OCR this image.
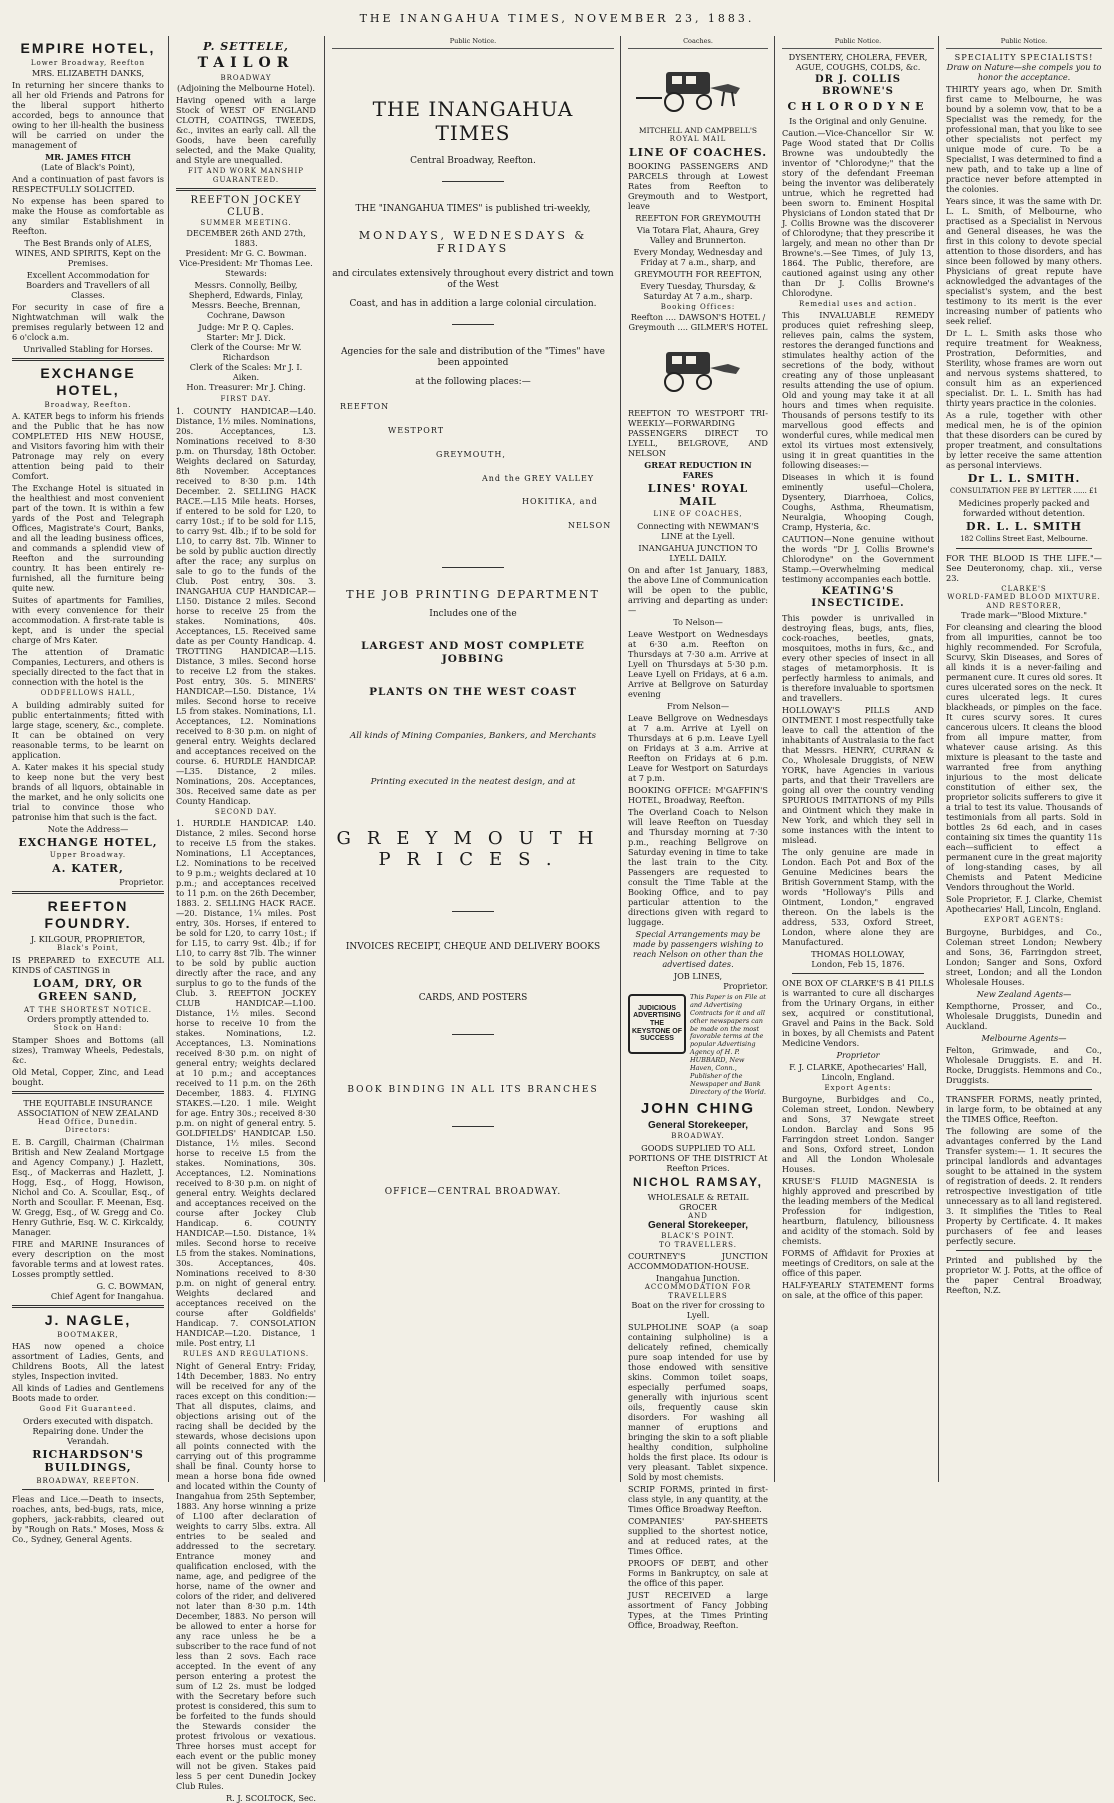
THE INANGAHUA TIMES, NOVEMBER 23, 1883.
EMPIRE HOTEL,
Lower Broadway, Reefton
MRS. ELIZABETH DANKS,

In returning her sincere thanks to all her old Friends and Patrons for the liberal support hitherto accorded, begs to announce that owing to her ill-health the business will be carried on under the management of

MR. JAMES FITCH
(Late of Black's Point),

And a continuation of past favors is RESPECTFULLY SOLICITED.

No expense has been spared to make the House as comfortable as any similar Establishment in Reefton.

The Best Brands only of ALES, WINES, AND SPIRITS, Kept on the Premises.

Excellent Accommodation for Boarders and Travellers of all Classes.

For security in case of fire a Nightwatchman will walk the premises regularly between 12 and 6 o'clock a.m.

Unrivalled Stabling for Horses.

EXCHANGE HOTEL,
Broadway, Reefton.

A. KATER begs to inform his friends and the Public that he has now COMPLETED HIS NEW HOUSE, and Visitors favoring him with their Patronage may rely on every attention being paid to their Comfort.

The Exchange Hotel is situated in the healthiest and most convenient part of the town. It is within a few yards of the Post and Telegraph Offices, Magistrate's Court, Banks, and all the leading business offices, and commands a splendid view of Reefton and the surrounding country. It has been entirely re-furnished, all the furniture being quite new.

Suites of apartments for Families, with every convenience for their accommodation. A first-rate table is kept, and is under the special charge of Mrs Kater.

The attention of Dramatic Companies, Lecturers, and others is specially directed to the fact that in connection with the hotel is the

ODDFELLOWS HALL,

A building admirably suited for public entertainments; fitted with large stage, scenery, &c., complete. It can be obtained on very reasonable terms, to be learnt on application.

A. Kater makes it his special study to keep none but the very best brands of all liquors, obtainable in the market, and he only solicits one trial to convince those who patronise him that such is the fact.

Note the Address—
EXCHANGE HOTEL,
Upper Broadway.
A. KATER,
Proprietor.
REEFTON FOUNDRY.
J. KILGOUR, PROPRIETOR,
Black's Point,

IS PREPARED to EXECUTE ALL KINDS of CASTINGS in

LOAM, DRY, OR GREEN SAND,
AT THE SHORTEST NOTICE.
Orders promptly attended to.
Stock on Hand:

Stamper Shoes and Bottoms (all sizes), Tramway Wheels, Pedestals, &c.

Old Metal, Copper, Zinc, and Lead bought.

THE EQUITABLE INSURANCE ASSOCIATION of NEW ZEALAND
Head Office, Dunedin.
Directors:

E. B. Cargill, Chairman (Chairman British and New Zealand Mortgage and Agency Company.) J. Hazlett, Esq., of Mackerras and Hazlett, J. Hogg, Esq., of Hogg, Howison, Nichol and Co. A. Scoullar, Esq., of North and Scoullar. F. Meenan, Esq. W. Gregg, Esq., of W. Gregg and Co. Henry Guthrie, Esq. W. C. Kirkcaldy, Manager.

FIRE and MARINE Insurances of every description on the most favorable terms and at lowest rates. Losses promptly settled.

G. C. BOWMAN,
Chief Agent for Inangahua.
J. NAGLE,
BOOTMAKER,

HAS now opened a choice assortment of Ladies, Gents, and Childrens Boots, All the latest styles, Inspection invited.

All kinds of Ladies and Gentlemens Boots made to order.

Good Fit Guaranteed.

Orders executed with dispatch. Repairing done. Under the Verandah.

RICHARDSON'S BUILDINGS,
BROADWAY, REEFTON.

Fleas and Lice.—Death to insects, roaches, ants, bed-bugs, rats, mice, gophers, jack-rabbits, cleared out by "Rough on Rats." Moses, Moss & Co., Sydney, General Agents.

P. SETTELE,
TAILOR
BROADWAY
(Adjoining the Melbourne Hotel).

Having opened with a large Stock of WEST OF ENGLAND CLOTH, COATINGS, TWEEDS, &c., invites an early call. All the Goods, have been carefully selected, and the Make Quality, and Style are unequalled.

FIT AND WORK MANSHIP GUARANTEED.
REEFTON JOCKEY CLUB.
SUMMER MEETING.
DECEMBER 26th AND 27th, 1883.
President: Mr G. C. Bowman.
Vice-President: Mr Thomas Lee.
Stewards:

Messrs. Connolly, Beilby, Shepherd, Edwards, Finlay, Messrs. Beeche, Brennan, Cochrane, Dawson

Judge: Mr P. Q. Caples.
Starter: Mr J. Dick.
Clerk of the Course: Mr W. Richardson
Clerk of the Scales: Mr J. I. Aiken.
Hon. Treasurer: Mr J. Ching.
FIRST DAY.

1. COUNTY HANDICAP.—L40. Distance, 1½ miles. Nominations, 20s. Acceptances, L3. Nominations received to 8·30 p.m. on Thursday, 18th October. Weights declared on Saturday, 8th November. Acceptances received to 8·30 p.m. 14th December. 2. SELLING HACK RACE.—L15 Mile heats. Horses, if entered to be sold for L20, to carry 10st.; if to be sold for L15, to carry 9st. 4lb.; if to be sold for L10, to carry 8st. 7lb. Winner to be sold by public auction directly after the race; any surplus on sale to go to the funds of the Club. Post entry, 30s. 3. INANGAHUA CUP HANDICAP.—L150. Distance 2 miles. Second horse to receive 25 from the stakes. Nominations, 40s. Acceptances, L5. Received same date as per County Handicap. 4. TROTTING HANDICAP.—L15. Distance, 3 miles. Second horse to receive L2 from the stakes. Post entry, 30s. 5. MINERS' HANDICAP.—L50. Distance, 1¼ miles. Second horse to receive L5 from stakes. Nominations, L1. Acceptances, L2. Nominations received to 8·30 p.m. on night of general entry. Weights declared and acceptances received on the course. 6. HURDLE HANDICAP.—L35. Distance, 2 miles. Nominations, 20s. Acceptances, 30s. Received same date as per County Handicap.

SECOND DAY.

1. HURDLE HANDICAP. L40. Distance, 2 miles. Second horse to receive L5 from the stakes. Nominations, L1 Acceptances, L2. Nominations to be received to 9 p.m.; weights declared at 10 p.m.; and acceptances received to 11 p.m. on the 26th December, 1883. 2. SELLING HACK RACE.—20. Distance, 1¼ miles. Post entry, 30s. Horses, if entered to be sold for L20, to carry 10st.; if for L15, to carry 9st. 4lb.; if for L10, to carry 8st 7lb. The winner to be sold by public auction directly after the race, and any surplus to go to the funds of the Club. 3. REEFTON JOCKEY CLUB HANDICAP.—L100. Distance, 1½ miles. Second horse to receive 10 from the stakes. Nominations, L2. Acceptances, L3. Nominations received 8·30 p.m. on night of general entry; weights declared at 10 p.m.; and acceptances received to 11 p.m. on the 26th December, 1883. 4. FLYING STAKES.—L20. 1 mile. Weight for age. Entry 30s.; received 8·30 p.m. on night of general entry. 5. GOLDFIELDS' HANDICAP. L50. Distance, 1½ miles. Second horse to receive L5 from the stakes. Nominations, 30s. Acceptances, L2. Nominations received to 8·30 p.m. on night of general entry. Weights declared and acceptances received on the course after Jockey Club Handicap. 6. COUNTY HANDICAP.—L50. Distance, 1¾ miles. Second horse to receive L5 from the stakes. Nominations, 30s. Acceptances, 40s. Nominations received to 8·30 p.m. on night of general entry. Weights declared and acceptances received on the course after Goldfields' Handicap. 7. CONSOLATION HANDICAP.—L20. Distance, 1 mile. Post entry, L1

RULES AND REGULATIONS.

Night of General Entry: Friday, 14th December, 1883. No entry will be received for any of the races except on this condition:—That all disputes, claims, and objections arising out of the racing shall be decided by the stewards, whose decisions upon all points connected with the carrying out of this programme shall be final. County horse to mean a horse bona fide owned and located within the County of Inangahua from 25th September, 1883. Any horse winning a prize of L100 after declaration of weights to carry 5lbs. extra. All entries to be sealed and addressed to the secretary. Entrance money and qualification enclosed, with the name, age, and pedigree of the horse, name of the owner and colors of the rider, and delivered not later than 8·30 p.m. 14th December, 1883. No person will be allowed to enter a horse for any race unless he be a subscriber to the race fund of not less than 2 sovs. Each race accepted. In the event of any person entering a protest the sum of L2 2s. must be lodged with the Secretary before such protest is considered, this sum to be forfeited to the funds should the Stewards consider the protest frivolous or vexatious. Three horses must accept for each event or the public money will not be given. Stakes paid less 5 per cent Dunedin Jockey Club Rules.

R. J. SCOLTOCK, Sec.
Public Notice.
THE INANGAHUA TIMES
Central Broadway, Reefton.
THE "INANGAHUA TIMES" is published tri-weekly,
MONDAYS, WEDNESDAYS & FRIDAYS
and circulates extensively throughout every district and town of the West
Coast, and has in addition a large colonial circulation.
Agencies for the sale and distribution of the "Times" have been appointed
at the following places:—
REEFTON
WESTPORT
GREYMOUTH,
And the GREY VALLEY
HOKITIKA, and
NELSON
THE JOB PRINTING DEPARTMENT
Includes one of the
LARGEST AND MOST COMPLETE JOBBING
PLANTS ON THE WEST COAST
All kinds of Mining Companies, Bankers, and Merchants
Printing executed in the neatest design, and at
GREYMOUTH PRICES.
INVOICES RECEIPT, CHEQUE AND DELIVERY BOOKS
CARDS, AND POSTERS
BOOK BINDING IN ALL ITS BRANCHES
OFFICE—CENTRAL BROADWAY.
Coaches.
MITCHELL AND CAMPBELL'S
ROYAL MAIL
LINE OF COACHES.

BOOKING PASSENGERS AND PARCELS through at Lowest Rates from Reefton to Greymouth and to Westport, leave

REEFTON FOR GREYMOUTH

Via Totara Flat, Ahaura, Grey Valley and Brunnerton.

Every Monday, Wednesday and Friday at 7 a.m., sharp, and

GREYMOUTH FOR REEFTON,

Every Tuesday, Thursday, & Saturday At 7 a.m., sharp.

Booking Offices:
Reefton .... DAWSON'S HOTEL / Greymouth .... GILMER'S HOTEL

REEFTON TO WESTPORT TRI-WEEKLY—FORWARDING PASSENGERS DIRECT TO LYELL, BELGROVE, AND NELSON

GREAT REDUCTION IN FARES
LINES' ROYAL MAIL
LINE OF COACHES,

Connecting with NEWMAN'S LINE at the Lyell.

INANGAHUA JUNCTION TO LYELL DAILY.

On and after 1st January, 1883, the above Line of Communication will be open to the public, arriving and departing as under:—

To Nelson—

Leave Westport on Wednesdays at 6·30 a.m. Reefton on Thursdays at 7·30 a.m. Arrive at Lyell on Thursdays at 5·30 p.m. Leave Lyell on Fridays, at 6 a.m. Arrive at Bellgrove on Saturday evening

From Nelson—

Leave Bellgrove on Wednesdays at 7 a.m. Arrive at Lyell on Thursdays at 6 p.m. Leave Lyell on Fridays at 3 a.m. Arrive at Reefton on Fridays at 6 p.m. Leave for Westport on Saturdays at 7 p.m.

BOOKING OFFICE: M'GAFFIN'S HOTEL, Broadway, Reefton.

The Overland Coach to Nelson will leave Reefton on Tuesday and Thursday morning at 7·30 p.m., reaching Bellgrove on Saturday evening in time to take the last train to the City. Passengers are requested to consult the Time Table at the Booking Office, and to pay particular attention to the directions given with regard to luggage.

Special Arrangements may be made by passengers wishing to reach Nelson on other than the advertised dates.

JOB LINES,
Proprietor.
JUDICIOUS ADVERTISING THE KEYSTONE OF SUCCESS
This Paper is on File at and Advertising Contracts for it and all other newspapers can be made on the most favorable terms at the popular Advertising Agency of H. P. HUBBARD, New Haven, Conn., Publisher of the Newspaper and Bank Directory of the World.
JOHN CHING
General Storekeeper,
BROADWAY.

GOODS SUPPLIED TO ALL PORTIONS OF THE DISTRICT At Reefton Prices.

NICHOL RAMSAY,
WHOLESALE & RETAIL GROCER
AND
General Storekeeper,
BLACK'S POINT.
TO TRAVELLERS.

COURTNEY'S JUNCTION ACCOMMODATION-HOUSE.

Inangahua Junction.
ACCOMMODATION FOR TRAVELLERS
Boat on the river for crossing to Lyell.

SULPHOLINE SOAP (a soap containing sulpholine) is a delicately refined, chemically pure soap intended for use by those endowed with sensitive skins. Common toilet soaps, especially perfumed soaps, generally with injurious scent oils, frequently cause skin disorders. For washing all manner of eruptions and bringing the skin to a soft pliable healthy condition, sulpholine holds the first place. Its odour is very pleasant. Tablet sixpence. Sold by most chemists.

SCRIP FORMS, printed in first-class style, in any quantity, at the Times Office Broadway Reefton.

COMPANIES' PAY-SHEETS supplied to the shortest notice, and at reduced rates, at the Times Office.

PROOFS OF DEBT, and other Forms in Bankruptcy, on sale at the office of this paper.

JUST RECEIVED a large assortment of Fancy Jobbing Types, at the Times Printing Office, Broadway, Reefton.

Public Notice.
DYSENTERY, CHOLERA, FEVER, AGUE, COUGHS, COLDS, &c.
DR J. COLLIS BROWNE'S
CHLORODYNE
Is the Original and only Genuine.

Caution.—Vice-Chancellor Sir W. Page Wood stated that Dr Collis Browne was undoubtedly the inventor of "Chlorodyne;" that the story of the defendant Freeman being the inventor was deliberately untrue, which he regretted had been sworn to. Eminent Hospital Physicians of London stated that Dr J. Collis Browne was the discoverer of Chlorodyne; that they prescribe it largely, and mean no other than Dr Browne's.—See Times, of July 13, 1864. The Public, therefore, are cautioned against using any other than Dr J. Collis Browne's Chlorodyne.

Remedial uses and action.

This INVALUABLE REMEDY produces quiet refreshing sleep, relieves pain, calms the system, restores the deranged functions and stimulates healthy action of the secretions of the body, without creating any of those unpleasant results attending the use of opium. Old and young may take it at all hours and times when requisite. Thousands of persons testify to its marvellous good effects and wonderful cures, while medical men extol its virtues most extensively, using it in great quantities in the following diseases:—

Diseases in which it is found eminently useful—Cholera, Dysentery, Diarrhoea, Colics, Coughs, Asthma, Rheumatism, Neuralgia, Whooping Cough, Cramp, Hysteria, &c.

CAUTION—None genuine without the words "Dr J. Collis Browne's Chlorodyne" on the Government Stamp.—Overwhelming medical testimony accompanies each bottle.

KEATING'S INSECTICIDE.

This powder is unrivalled in destroying fleas, bugs, ants, flies, cock-roaches, beetles, gnats, mosquitoes, moths in furs, &c., and every other species of insect in all stages of metamorphosis. It is perfectly harmless to animals, and is therefore invaluable to sportsmen and travellers.

HOLLOWAY'S PILLS AND OINTMENT. I most respectfully take leave to call the attention of the inhabitants of Australasia to the fact that Messrs. HENRY, CURRAN & Co., Wholesale Druggists, of NEW YORK, have Agencies in various parts, and that their Travellers are going all over the country vending SPURIOUS IMITATIONS of my Pills and Ointment which they make in New York, and which they sell in some instances with the intent to mislead.

The only genuine are made in London. Each Pot and Box of the Genuine Medicines bears the British Government Stamp, with the words "Holloway's Pills and Ointment, London," engraved thereon. On the labels is the address, 533, Oxford Street, London, where alone they are Manufactured.

THOMAS HOLLOWAY,
London, Feb 15, 1876.

ONE BOX OF CLARKE'S B 41 PILLS is warranted to cure all discharges from the Urinary Organs, in either sex, acquired or constitutional, Gravel and Pains in the Back. Sold in boxes, by all Chemists and Patent Medicine Vendors.

Proprietor

F. J. CLARKE, Apothecaries' Hall, Lincoln, England.

Export Agents:

Burgoyne, Burbidges and Co., Coleman street, London. Newbery and Sons, 37 Newgate street London. Barclay and Sons 95 Farringdon street London. Sanger and Sons, Oxford street, London and All the London Wholesale Houses.

KRUSE'S FLUID MAGNESIA is highly approved and prescribed by the leading members of the Medical Profession for indigestion, heartburn, flatulency, biliousness and acidity of the stomach. Sold by chemists.

FORMS of Affidavit for Proxies at meetings of Creditors, on sale at the office of this paper.

HALF-YEARLY STATEMENT forms on sale, at the office of this paper.

Public Notice.
SPECIALITY SPECIALISTS!
Draw on Nature—she compels you to honor the acceptance.

THIRTY years ago, when Dr. Smith first came to Melbourne, he was bound by a solemn vow, that to be a Specialist was the remedy, for the professional man, that you like to see other specialists not perfect my unique mode of cure. To be a Specialist, I was determined to find a new path, and to take up a line of practice never before attempted in the colonies.

Years since, it was the same with Dr. L. L. Smith, of Melbourne, who practised as a Specialist in Nervous and General diseases, he was the first in this colony to devote special attention to those disorders, and has since been followed by many others. Physicians of great repute have acknowledged the advantages of the specialist's system, and the best testimony to its merit is the ever increasing number of patients who seek relief.

Dr L. L. Smith asks those who require treatment for Weakness, Prostration, Deformities, and Sterility, whose frames are worn out and nervous systems shattered, to consult him as an experienced specialist. Dr. L. L. Smith has had thirty years practice in the colonies.

As a rule, together with other medical men, he is of the opinion that these disorders can be cured by proper treatment, and consultations by letter receive the same attention as personal interviews.

Dr L. L. SMITH.
CONSULTATION FEE BY LETTER ...... £1

Medicines properly packed and forwarded without detention.

DR. L. L. SMITH
182 Collins Street East, Melbourne.

FOR THE BLOOD IS THE LIFE."— See Deuteronomy, chap. xii., verse 23.

CLARKE'S
WORLD-FAMED BLOOD MIXTURE.
AND RESTORER,
Trade mark—"Blood Mixture."

For cleansing and clearing the blood from all impurities, cannot be too highly recommended. For Scrofula, Scurvy, Skin Diseases, and Sores of all kinds it is a never-failing and permanent cure. It cures old sores. It cures ulcerated sores on the neck. It cures ulcerated legs. It cures blackheads, or pimples on the face. It cures scurvy sores. It cures cancerous ulcers. It cleans the blood from all impure matter, from whatever cause arising. As this mixture is pleasant to the taste and warranted free from anything injurious to the most delicate constitution of either sex, the proprietor solicits sufferers to give it a trial to test its value. Thousands of testimonials from all parts. Sold in bottles 2s 6d each, and in cases containing six times the quantity 11s each—sufficient to effect a permanent cure in the great majority of long-standing cases, by all Chemists and Patent Medicine Vendors throughout the World.

Sole Proprietor, F. J. Clarke, Chemist Apothecaries' Hall, Lincoln, England.

EXPORT AGENTS:

Burgoyne, Burbidges, and Co., Coleman street London; Newbery and Sons, 36, Farringdon street, London; Sanger and Sons, Oxford street, London; and all the London Wholesale Houses.

New Zealand Agents—

Kempthorne, Prosser, and Co., Wholesale Druggists, Dunedin and Auckland.

Melbourne Agents—

Felton, Grimwade, and Co., Wholesale Druggists. E. and H. Rocke, Druggists. Hemmons and Co., Druggists.

TRANSFER FORMS, neatly printed, in large form, to be obtained at any the TIMES Office, Reefton.

The following are some of the advantages conferred by the Land Transfer system:— 1. It secures the principal landlords and advantages sought to be attained in the system of registration of deeds. 2. It renders retrospective investigation of title unnecessary as to all land registered. 3. It simplifies the Titles to Real Property by Certificate. 4. It makes purchasers of fee and leases perfectly secure.

Printed and published by the proprietor W. J. Potts, at the office of the paper Central Broadway, Reefton, N.Z.
